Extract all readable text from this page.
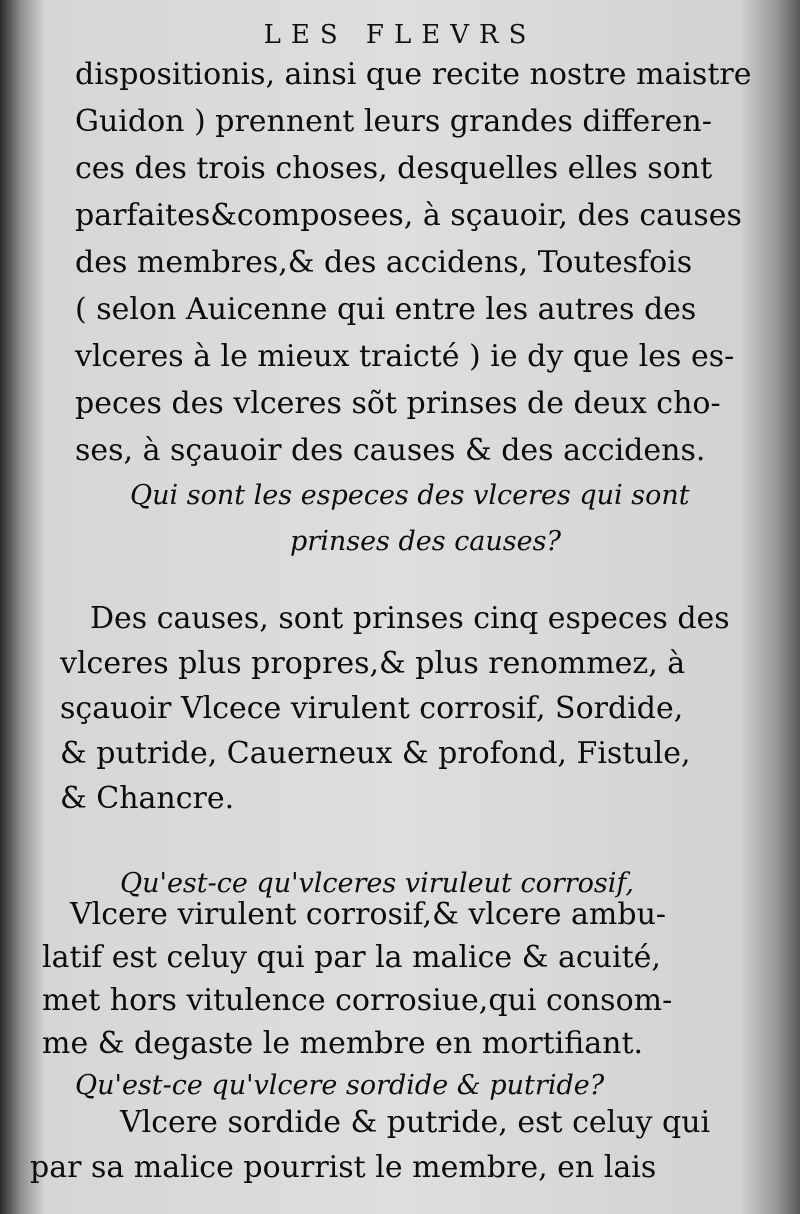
LES FLEVRS
dispositionis, ainsi que recite nostre maistre
Guidon ) prennent leurs grandes differen-
ces des trois choses, desquelles elles sont
parfaites&composees, à sçauoir, des causes
des membres,& des accidens, Toutesfois
( selon Auicenne qui entre les autres des
vlceres à le mieux traicté ) ie dy que les es-
peces des vlceres sõt prinses de deux cho-
ses, à sçauoir des causes & des accidens.
Qui sont les especes des vlceres qui sont
prinses des causes?
Des causes, sont prinses cinq especes des
vlceres plus propres,& plus renommez, à
sçauoir Vlcece virulent corrosif, Sordide,
& putride, Cauerneux & profond, Fistule,
& Chancre.
Qu'est-ce qu'vlceres viruleut corrosif,
Vlcere virulent corrosif,& vlcere ambu-
latif est celuy qui par la malice & acuité,
met hors vitulence corrosiue,qui consom-
me & degaste le membre en mortifiant.
Qu'est-ce qu'vlcere sordide & putride?
Vlcere sordide & putride, est celuy qui
par sa malice pourrist le membre, en lais
